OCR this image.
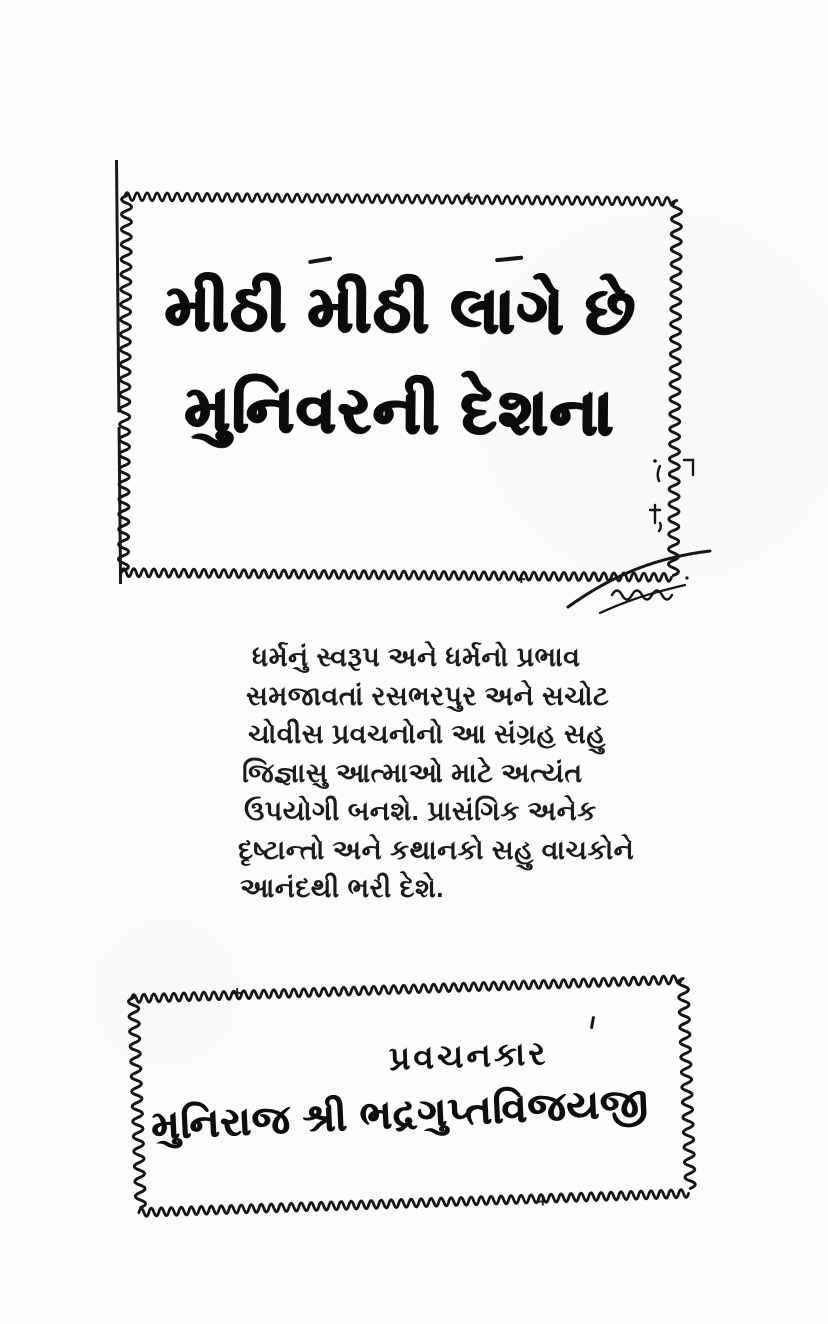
મીઠી મીઠી લાગે છે
મુનિવરની દેશના
ધર્મનું સ્વરૂપ અને ધર્મનો પ્રભાવ
સમજાવતાં રસભરપુર અને સચોટ
ચોવીસ પ્રવચનોનો આ સંગ્રહ સહુ
જિજ્ઞાસુ આત્માઓ માટે અત્યંત
ઉપયોગી બનશે. પ્રાસંગિક અનેક
દૃષ્ટાન્તો અને કથાનકો સહુ વાચકોને
આનંદથી ભરી દેશે.
પ્રવચનકાર
મુનિરાજ શ્રી ભદ્રગુપ્તવિજયજી
